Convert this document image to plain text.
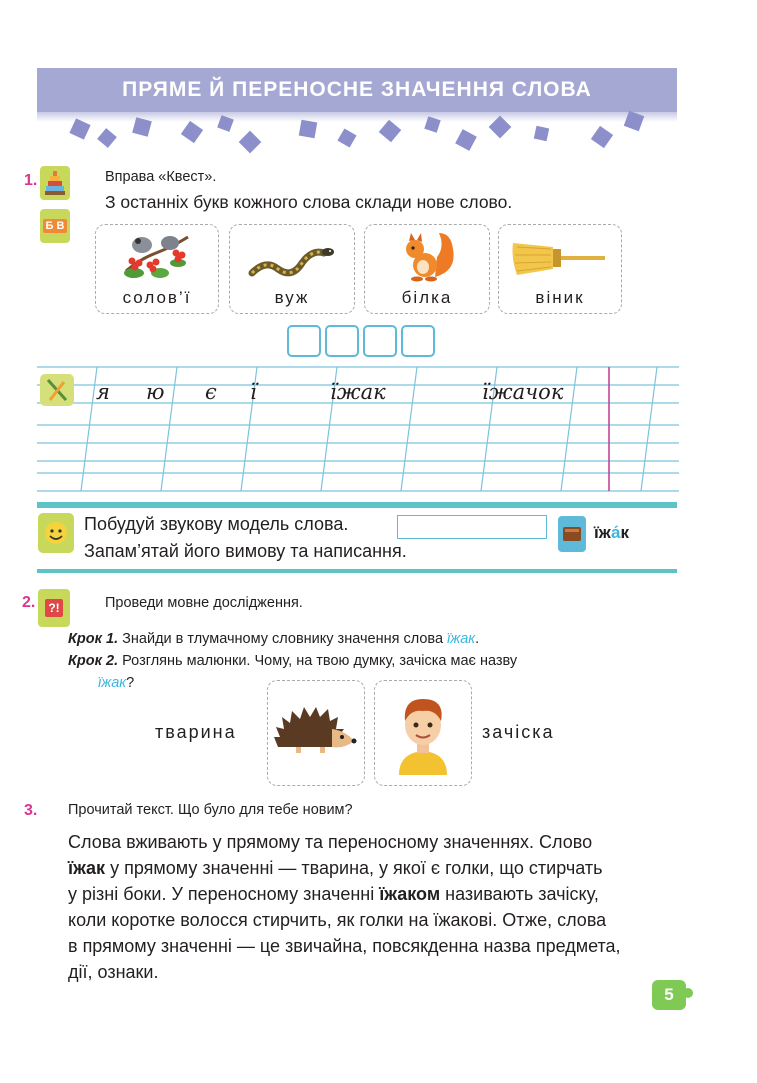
ПРЯМЕ Й ПЕРЕНОСНЕ ЗНАЧЕННЯ СЛОВА
1.
Б В
Вправа «Квест».
З останніх букв кожного слова склади нове слово.
солов’ї	вуж	білка	віник
я ю є ї	їжак	їжачок
Побудуй звукову модель слова.
Запам’ятай його вимову та написання.
їжа́к
2. ?!	Проведи мовне дослідження.
Крок 1. Знайди в тлумачному словнику значення слова їжак.
Крок 2. Розглянь малюнки. Чому, на твою думку, зачіска має назву
їжак?
тварина	зачіска
3. Прочитай текст. Що було для тебе новим?
Слова вживають у прямому та переносному значеннях. Слово
їжак у прямому значенні — тварина, у якої є голки, що стирчать
у різні боки. У переносному значенні їжаком називають зачіску,
коли коротке волосся стирчить, як голки на їжакові. Отже, слова
в прямому значенні — це звичайна, повсякденна назва предмета,
дії, ознаки.
5
